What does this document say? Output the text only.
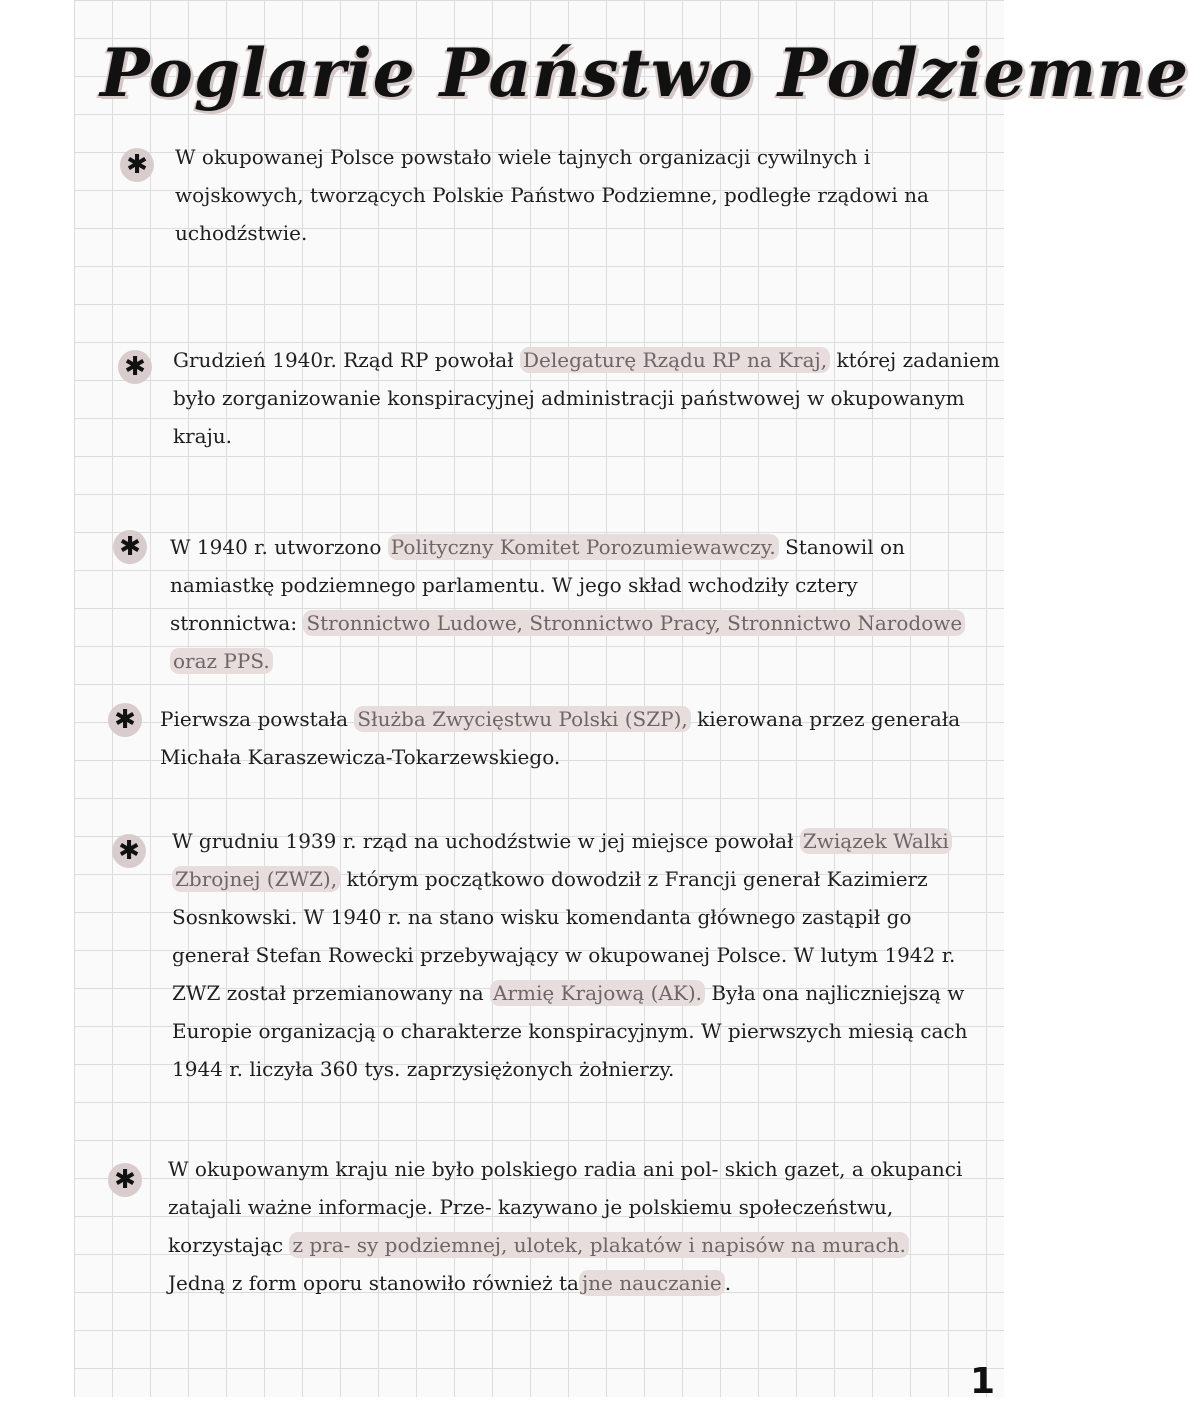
Poglarie Państwo Podziemne
✱	W okupowanej Polsce powstało wiele tajnych organizacji cywilnych i
wojskowych, tworzących Polskie Państwo Podziemne, podległe rządowi na
uchodźstwie.
✱	Grudzień 1940r. Rząd RP powołał Delegaturę Rządu RP na Kraj, której zadaniem
było zorganizowanie konspiracyjnej administracji państwowej w okupowanym
kraju.
✱	W 1940 r. utworzono Polityczny Komitet Porozumiewawczy. Stanowil on
namiastkę podziemnego parlamentu. W jego skład wchodziły cztery
stronnictwa: Stronnictwo Ludowe, Stronnictwo Pracy, Stronnictwo Narodowe
oraz PPS.
✱	Pierwsza powstała Służba Zwycięstwu Polski (SZP), kierowana przez generała
Michała Karaszewicza-Tokarzewskiego.
✱	W grudniu 1939 r. rząd na uchodźstwie w jej miejsce powołał Związek Walki
Zbrojnej (ZWZ), którym początkowo dowodził z Francji generał Kazimierz
Sosnkowski. W 1940 r. na stano wisku komendanta głównego zastąpił go
generał Stefan Rowecki przebywający w okupowanej Polsce. W lutym 1942 r.
ZWZ został przemianowany na Armię Krajową (AK). Była ona najliczniejszą w
Europie organizacją o charakterze konspiracyjnym. W pierwszych miesią cach
1944 r. liczyła 360 tys. zaprzysiężonych żołnierzy.
✱	W okupowanym kraju nie było polskiego radia ani pol- skich gazet, a okupanci
zatajali ważne informacje. Prze- kazywano je polskiemu społeczeństwu,
korzystając z pra- sy podziemnej, ulotek, plakatów i napisów na murach.
Jedną z form oporu stanowiło również ta jne nauczanie .
1
